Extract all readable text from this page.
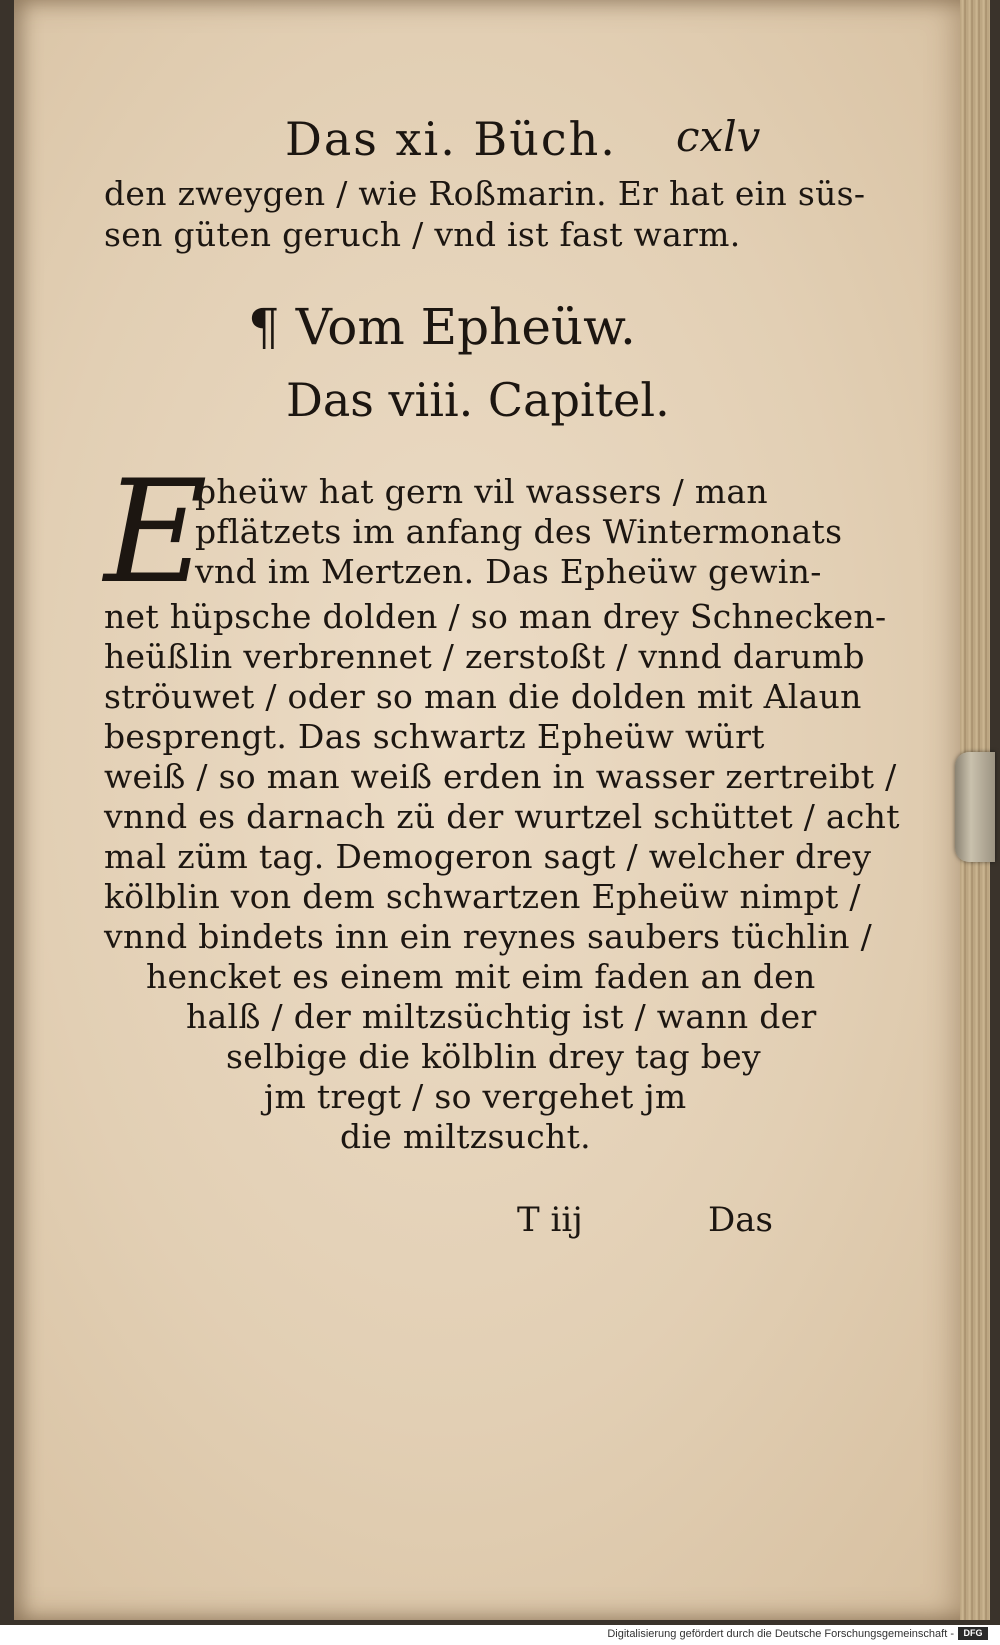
Das xi. Büch. cxlv
den zweygen / wie Roßmarin. Er hat ein süs-
sen güten geruch / vnd ist fast warm.
¶ Vom Epheüw.
Das viii. Capitel.
E
pheüw hat gern vil wassers / man
pflätzets im anfang des Wintermonats
vnd im Mertzen. Das Epheüw gewin-
net hüpsche dolden / so man drey Schnecken-
heüßlin verbrennet / zerstoßt / vnnd darumb
ströuwet / oder so man die dolden mit Alaun
besprengt. Das schwartz Epheüw würt
weiß / so man weiß erden in wasser zertreibt /
vnnd es darnach zü der wurtzel schüttet / acht
mal züm tag. Demogeron sagt / welcher drey
kölblin von dem schwartzen Epheüw nimpt /
vnnd bindets inn ein reynes saubers tüchlin /
hencket es einem mit eim faden an den
halß / der miltzsüchtig ist / wann der
selbige die kölblin drey tag bey
jm tregt / so vergehet jm
die miltzsucht.
T iij	Das
Digitalisierung gefördert durch die Deutsche Forschungsgemeinschaft -	DFG
